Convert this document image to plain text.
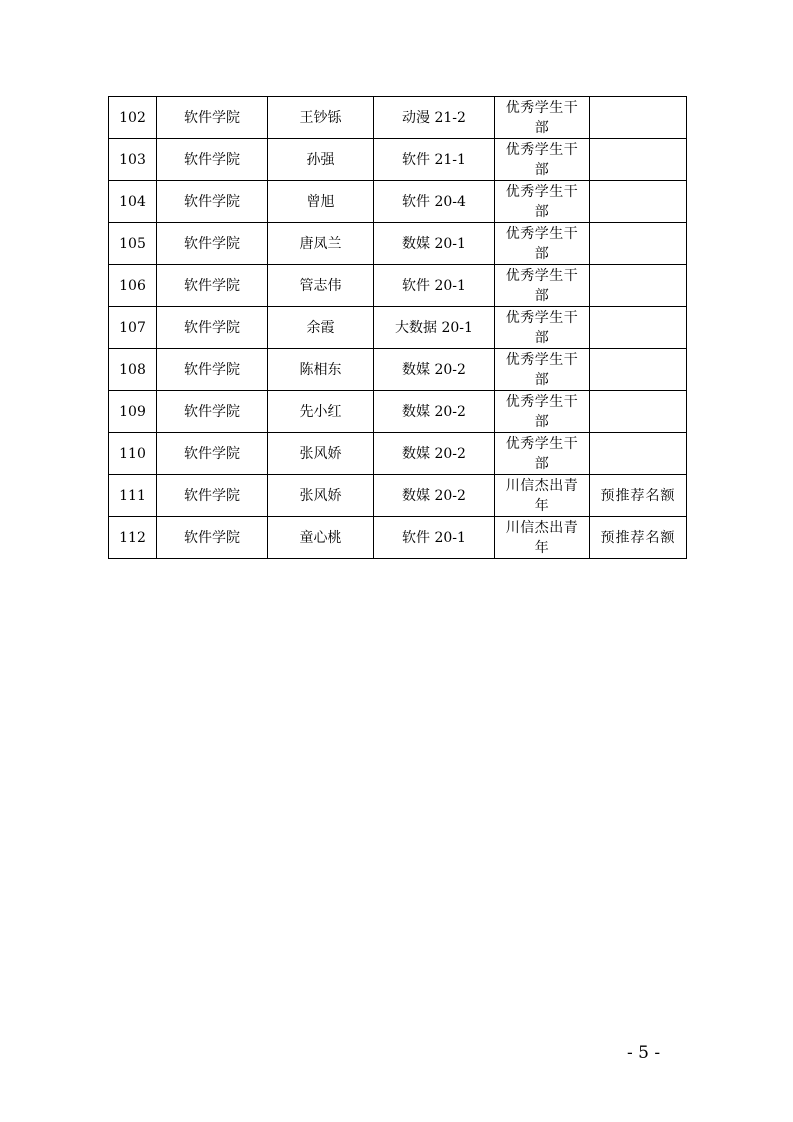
102	软件学院	王钞铄	动漫 21-2	优秀学生干部	
103	软件学院	孙强	软件 21-1	优秀学生干部	
104	软件学院	曾旭	软件 20-4	优秀学生干部	
105	软件学院	唐凤兰	数媒 20-1	优秀学生干部	
106	软件学院	管志伟	软件 20-1	优秀学生干部	
107	软件学院	余霞	大数据 20-1	优秀学生干部	
108	软件学院	陈相东	数媒 20-2	优秀学生干部	
109	软件学院	先小红	数媒 20-2	优秀学生干部	
110	软件学院	张风娇	数媒 20-2	优秀学生干部	
111	软件学院	张风娇	数媒 20-2	川信杰出青年	预推荐名额
112	软件学院	童心桃	软件 20-1	川信杰出青年	预推荐名额
- 5 -
